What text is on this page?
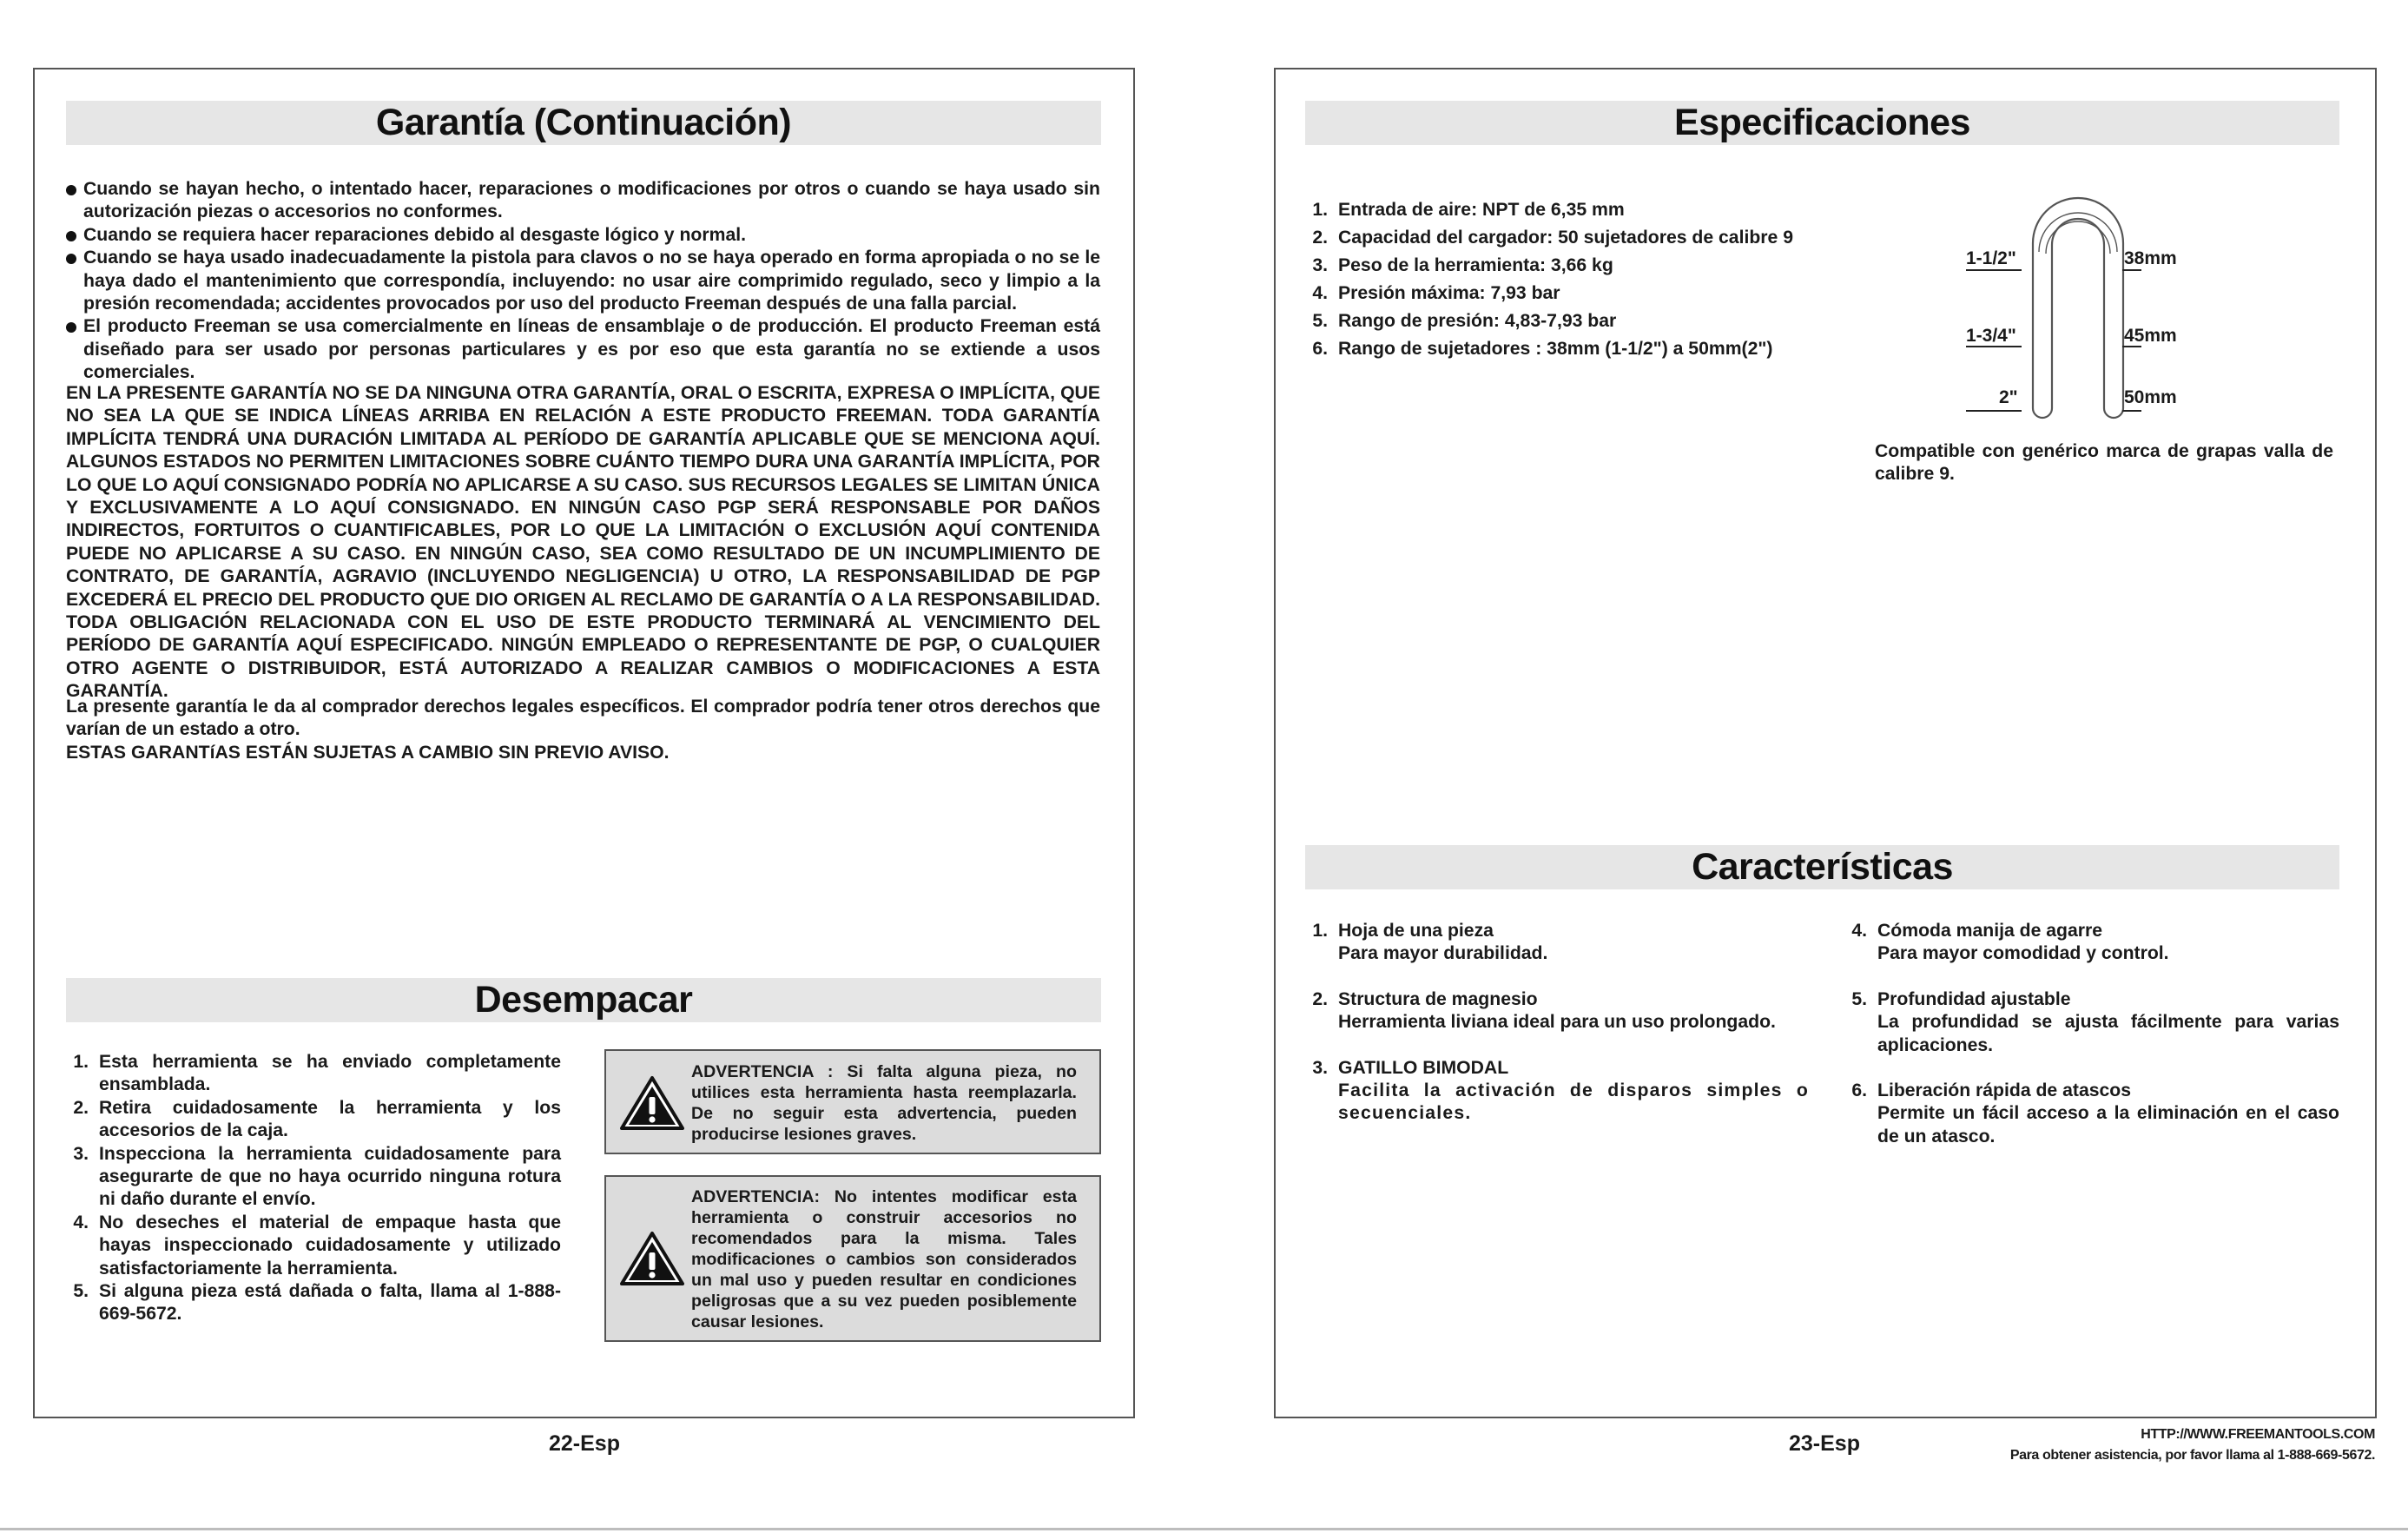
Garantía (Continuación)
Cuando se hayan hecho, o intentado hacer, reparaciones o modificaciones por otros o cuando se haya usado sin autorización piezas o accesorios no conformes.
Cuando se requiera hacer reparaciones debido al desgaste lógico y normal.
Cuando se haya usado inadecuadamente la pistola para clavos o no se haya operado en forma apropiada o no se le haya dado el mantenimiento que correspondía, incluyendo: no usar aire comprimido regulado, seco y limpio a la presión recomendada; accidentes provocados por uso del producto Freeman después de una falla parcial.
El producto Freeman se usa comercialmente en líneas de ensamblaje o de producción. El producto Freeman está diseñado para ser usado por personas particulares y es por eso que esta garantía no se extiende a usos comerciales.

EN LA PRESENTE GARANTÍA NO SE DA NINGUNA OTRA GARANTÍA, ORAL O ESCRITA, EXPRESA O IMPLÍCITA, QUE NO SEA LA QUE SE INDICA LÍNEAS ARRIBA EN RELACIÓN A ESTE PRODUCTO FREEMAN. TODA GARANTÍA IMPLÍCITA TENDRÁ UNA DURACIÓN LIMITADA AL PERÍODO DE GARANTÍA APLICABLE QUE SE MENCIONA AQUÍ. ALGUNOS ESTADOS NO PERMITEN LIMITACIONES SOBRE CUÁNTO TIEMPO DURA UNA GARANTÍA IMPLÍCITA, POR LO QUE LO AQUÍ CONSIGNADO PODRÍA NO APLICARSE A SU CASO. SUS RECURSOS LEGALES SE LIMITAN ÚNICA Y EXCLUSIVAMENTE A LO AQUÍ CONSIGNADO. EN NINGÚN CASO PGP SERÁ RESPONSABLE POR DAÑOS INDIRECTOS, FORTUITOS O CUANTIFICABLES, POR LO QUE LA LIMITACIÓN O EXCLUSIÓN AQUÍ CONTENIDA PUEDE NO APLICARSE A SU CASO. EN NINGÚN CASO, SEA COMO RESULTADO DE UN INCUMPLIMIENTO DE CONTRATO, DE GARANTÍA, AGRAVIO (INCLUYENDO NEGLIGENCIA) U OTRO, LA RESPONSABILIDAD DE PGP EXCEDERÁ EL PRECIO DEL PRODUCTO QUE DIO ORIGEN AL RECLAMO DE GARANTÍA O A LA RESPONSABILIDAD. TODA OBLIGACIÓN RELACIONADA CON EL USO DE ESTE PRODUCTO TERMINARÁ AL VENCIMIENTO DEL PERÍODO DE GARANTÍA AQUÍ ESPECIFICADO. NINGÚN EMPLEADO O REPRESENTANTE DE PGP, O CUALQUIER OTRO AGENTE O DISTRIBUIDOR, ESTÁ AUTORIZADO A REALIZAR CAMBIOS O MODIFICACIONES A ESTA GARANTÍA.

La presente garantía le da al comprador derechos legales específicos. El comprador podría tener otros derechos que varían de un estado a otro.

ESTAS GARANTíAS ESTÁN SUJETAS A CAMBIO SIN PREVIO AVISO.

Desempacar
1. Esta herramienta se ha enviado completamente ensamblada.
2. Retira cuidadosamente la herramienta y los accesorios de la caja.
3. Inspecciona la herramienta cuidadosamente para asegurarte de que no haya ocurrido ninguna rotura ni daño durante el envío.
4. No deseches el material de empaque hasta que hayas inspeccionado cuidadosamente y utilizado satisfactoriamente la herramienta.
5. Si alguna pieza está dañada o falta, llama al 1-888-669-5672.
ADVERTENCIA : Si falta alguna pieza, no utilices esta herramienta hasta reemplazarla. De no seguir esta advertencia, pueden producirse lesiones graves.
ADVERTENCIA: No intentes modificar esta herramienta o construir accesorios no recomendados para la misma. Tales modificaciones o cambios son considerados un mal uso y pueden resultar en condiciones peligrosas que a su vez pueden posiblemente causar lesiones.
22-Esp
Especificaciones
1. Entrada de aire: NPT de 6,35 mm
2. Capacidad del cargador: 50 sujetadores de calibre 9
3. Peso de la herramienta: 3,66 kg
4. Presión máxima: 7,93 bar
5. Rango de presión: 4,83-7,93 bar
6. Rango de sujetadores : 38mm (1-1/2") a 50mm(2")
1-1/2"
1-3/4"
2"
38mm
45mm
50mm
Compatible con genérico marca de grapas valla de calibre 9.
Características
1. Hoja de una pieza
Para mayor durabilidad.
2. Structura de magnesio
Herramienta liviana ideal para un uso prolongado.
3. GATILLO BIMODAL
Facilita la activación de disparos simples o secuenciales.
4. Cómoda manija de agarre
Para mayor comodidad y control.
5. Profundidad ajustable
La profundidad se ajusta fácilmente para varias aplicaciones.
6. Liberación rápida de atascos
Permite un fácil acceso a la eliminación en el caso de un atasco.
23-Esp	HTTP://WWW.FREEMANTOOLS.COM
Para obtener asistencia, por favor llama al 1-888-669-5672.
